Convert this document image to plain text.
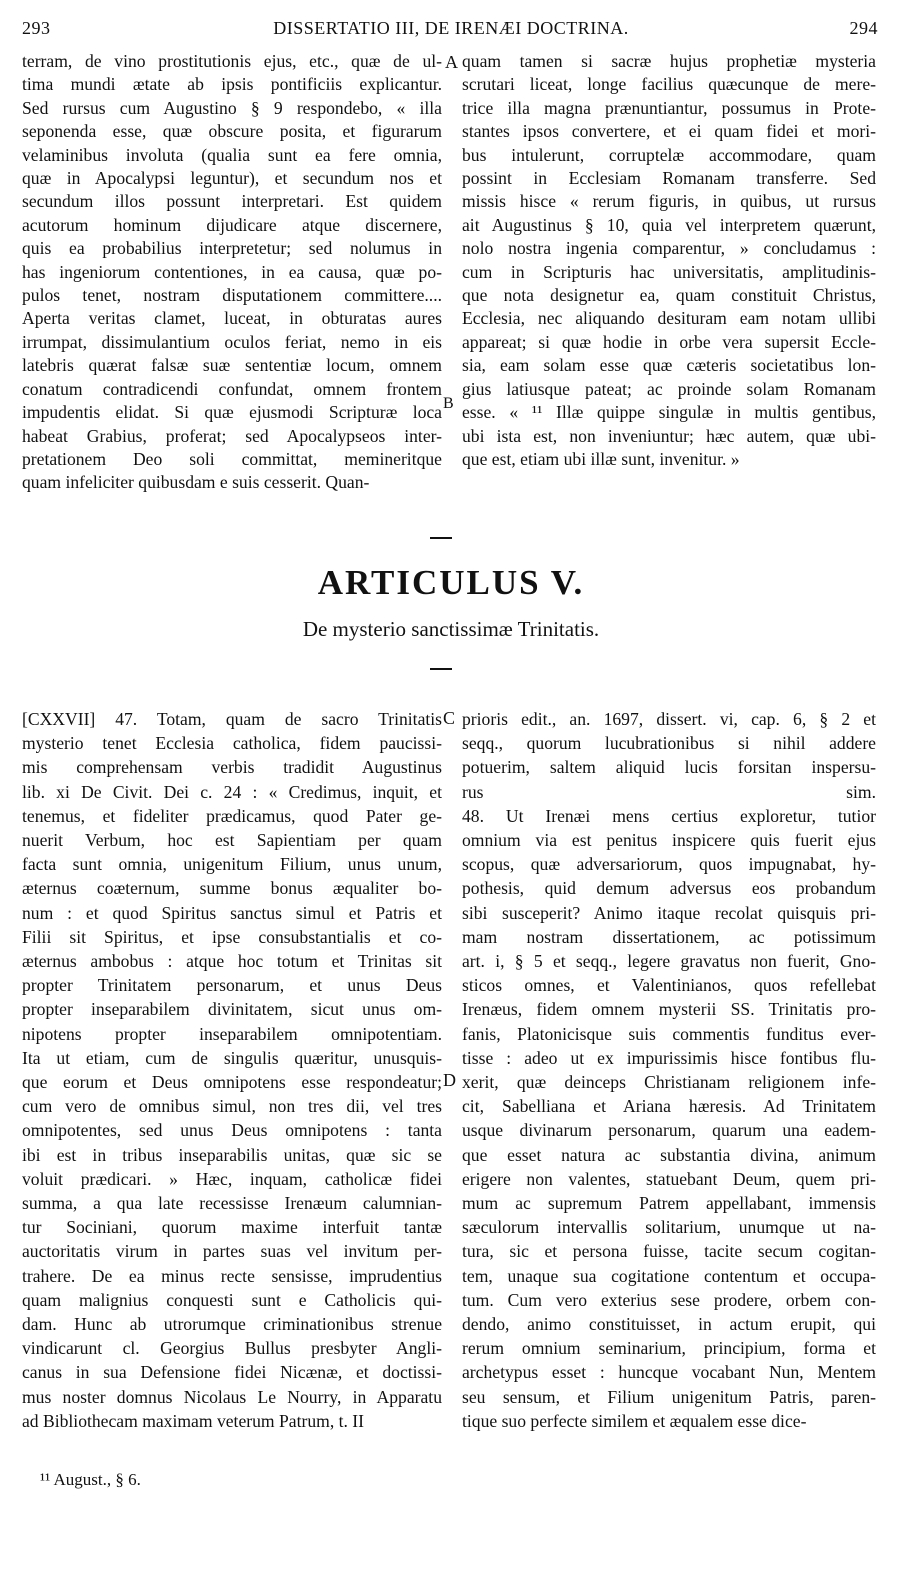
293	DISSERTATIO III, DE IRENÆI DOCTRINA.	294
terram, de vino prostitutionis ejus, etc., quæ de ul-
tima mundi ætate ab ipsis pontificiis explicantur.
Sed rursus cum Augustino § 9 respondebo, « illa
seponenda esse, quæ obscure posita, et figurarum
velaminibus involuta (qualia sunt ea fere omnia,
quæ in Apocalypsi leguntur), et secundum nos et
secundum illos possunt interpretari. Est quidem
acutorum hominum dijudicare atque discernere,
quis ea probabilius interpretetur; sed nolumus in
has ingeniorum contentiones, in ea causa, quæ po-
pulos tenet, nostram disputationem committere....
Aperta veritas clamet, luceat, in obturatas aures
irrumpat, dissimulantium oculos feriat, nemo in eis
latebris quærat falsæ suæ sententiæ locum, omnem
conatum contradicendi confundat, omnem frontem
impudentis elidat. Si quæ ejusmodi Scripturæ loca
habeat Grabius, proferat; sed Apocalypseos inter-
pretationem Deo soli committat, memineritque
quam infeliciter quibusdam e suis cesserit. Quan-
quam tamen si sacræ hujus prophetiæ mysteria
scrutari liceat, longe facilius quæcunque de mere-
trice illa magna prænuntiantur, possumus in Prote-
stantes ipsos convertere, et ei quam fidei et mori-
bus intulerunt, corruptelæ accommodare, quam
possint in Ecclesiam Romanam transferre. Sed
missis hisce « rerum figuris, in quibus, ut rursus
ait Augustinus § 10, quia vel interpretem quærunt,
nolo nostra ingenia comparentur, » concludamus :
cum in Scripturis hac universitatis, amplitudinis-
que nota designetur ea, quam constituit Christus,
Ecclesia, nec aliquando desituram eam notam ullibi
appareat; si quæ hodie in orbe vera supersit Eccle-
sia, eam solam esse quæ cæteris societatibus lon-
gius latiusque pateat; ac proinde solam Romanam
esse. « ¹¹ Illæ quippe singulæ in multis gentibus,
ubi ista est, non inveniuntur; hæc autem, quæ ubi-
que est, etiam ubi illæ sunt, invenitur. »
A
B
ARTICULUS V.
De mysterio sanctissimæ Trinitatis.
[CXXVII] 47. Totam, quam de sacro Trinitatis
mysterio tenet Ecclesia catholica, fidem paucissi-
mis comprehensam verbis tradidit Augustinus
lib. xi De Civit. Dei c. 24 : « Credimus, inquit, et
tenemus, et fideliter prædicamus, quod Pater ge-
nuerit Verbum, hoc est Sapientiam per quam
facta sunt omnia, unigenitum Filium, unus unum,
æternus coæternum, summe bonus æqualiter bo-
num : et quod Spiritus sanctus simul et Patris et
Filii sit Spiritus, et ipse consubstantialis et co-
æternus ambobus : atque hoc totum et Trinitas sit
propter Trinitatem personarum, et unus Deus
propter inseparabilem divinitatem, sicut unus om-
nipotens propter inseparabilem omnipotentiam.
Ita ut etiam, cum de singulis quæritur, unusquis-
que eorum et Deus omnipotens esse respondeatur;
cum vero de omnibus simul, non tres dii, vel tres
omnipotentes, sed unus Deus omnipotens : tanta
ibi est in tribus inseparabilis unitas, quæ sic se
voluit prædicari. » Hæc, inquam, catholicæ fidei
summa, a qua late recessisse Irenæum calumnian-
tur Sociniani, quorum maxime interfuit tantæ
auctoritatis virum in partes suas vel invitum per-
trahere. De ea minus recte sensisse, imprudentius
quam malignius conquesti sunt e Catholicis qui-
dam. Hunc ab utrorumque criminationibus strenue
vindicarunt cl. Georgius Bullus presbyter Angli-
canus in sua Defensione fidei Nicænæ, et doctissi-
mus noster domnus Nicolaus Le Nourry, in Apparatu
ad Bibliothecam maximam veterum Patrum, t. II
prioris edit., an. 1697, dissert. vi, cap. 6, § 2 et
seqq., quorum lucubrationibus si nihil addere
potuerim, saltem aliquid lucis forsitan inspersu-
rus sim.
48. Ut Irenæi mens certius exploretur, tutior
omnium via est penitus inspicere quis fuerit ejus
scopus, quæ adversariorum, quos impugnabat, hy-
pothesis, quid demum adversus eos probandum
sibi susceperit? Animo itaque recolat quisquis pri-
mam nostram dissertationem, ac potissimum
art. i, § 5 et seqq., legere gravatus non fuerit, Gno-
sticos omnes, et Valentinianos, quos refellebat
Irenæus, fidem omnem mysterii SS. Trinitatis pro-
fanis, Platonicisque suis commentis funditus ever-
tisse : adeo ut ex impurissimis hisce fontibus flu-
xerit, quæ deinceps Christianam religionem infe-
cit, Sabelliana et Ariana hæresis. Ad Trinitatem
usque divinarum personarum, quarum una eadem-
que esset natura ac substantia divina, animum
erigere non valentes, statuebant Deum, quem pri-
mum ac supremum Patrem appellabant, immensis
sæculorum intervallis solitarium, unumque ut na-
tura, sic et persona fuisse, tacite secum cogitan-
tem, unaque sua cogitatione contentum et occupa-
tum. Cum vero exterius sese prodere, orbem con-
dendo, animo constituisset, in actum erupit, qui
rerum omnium seminarium, principium, forma et
archetypus esset : huncque vocabant Nun, Mentem
seu sensum, et Filium unigenitum Patris, paren-
tique suo perfecte similem et æqualem esse dice-
C
D
¹¹ August., § 6.
